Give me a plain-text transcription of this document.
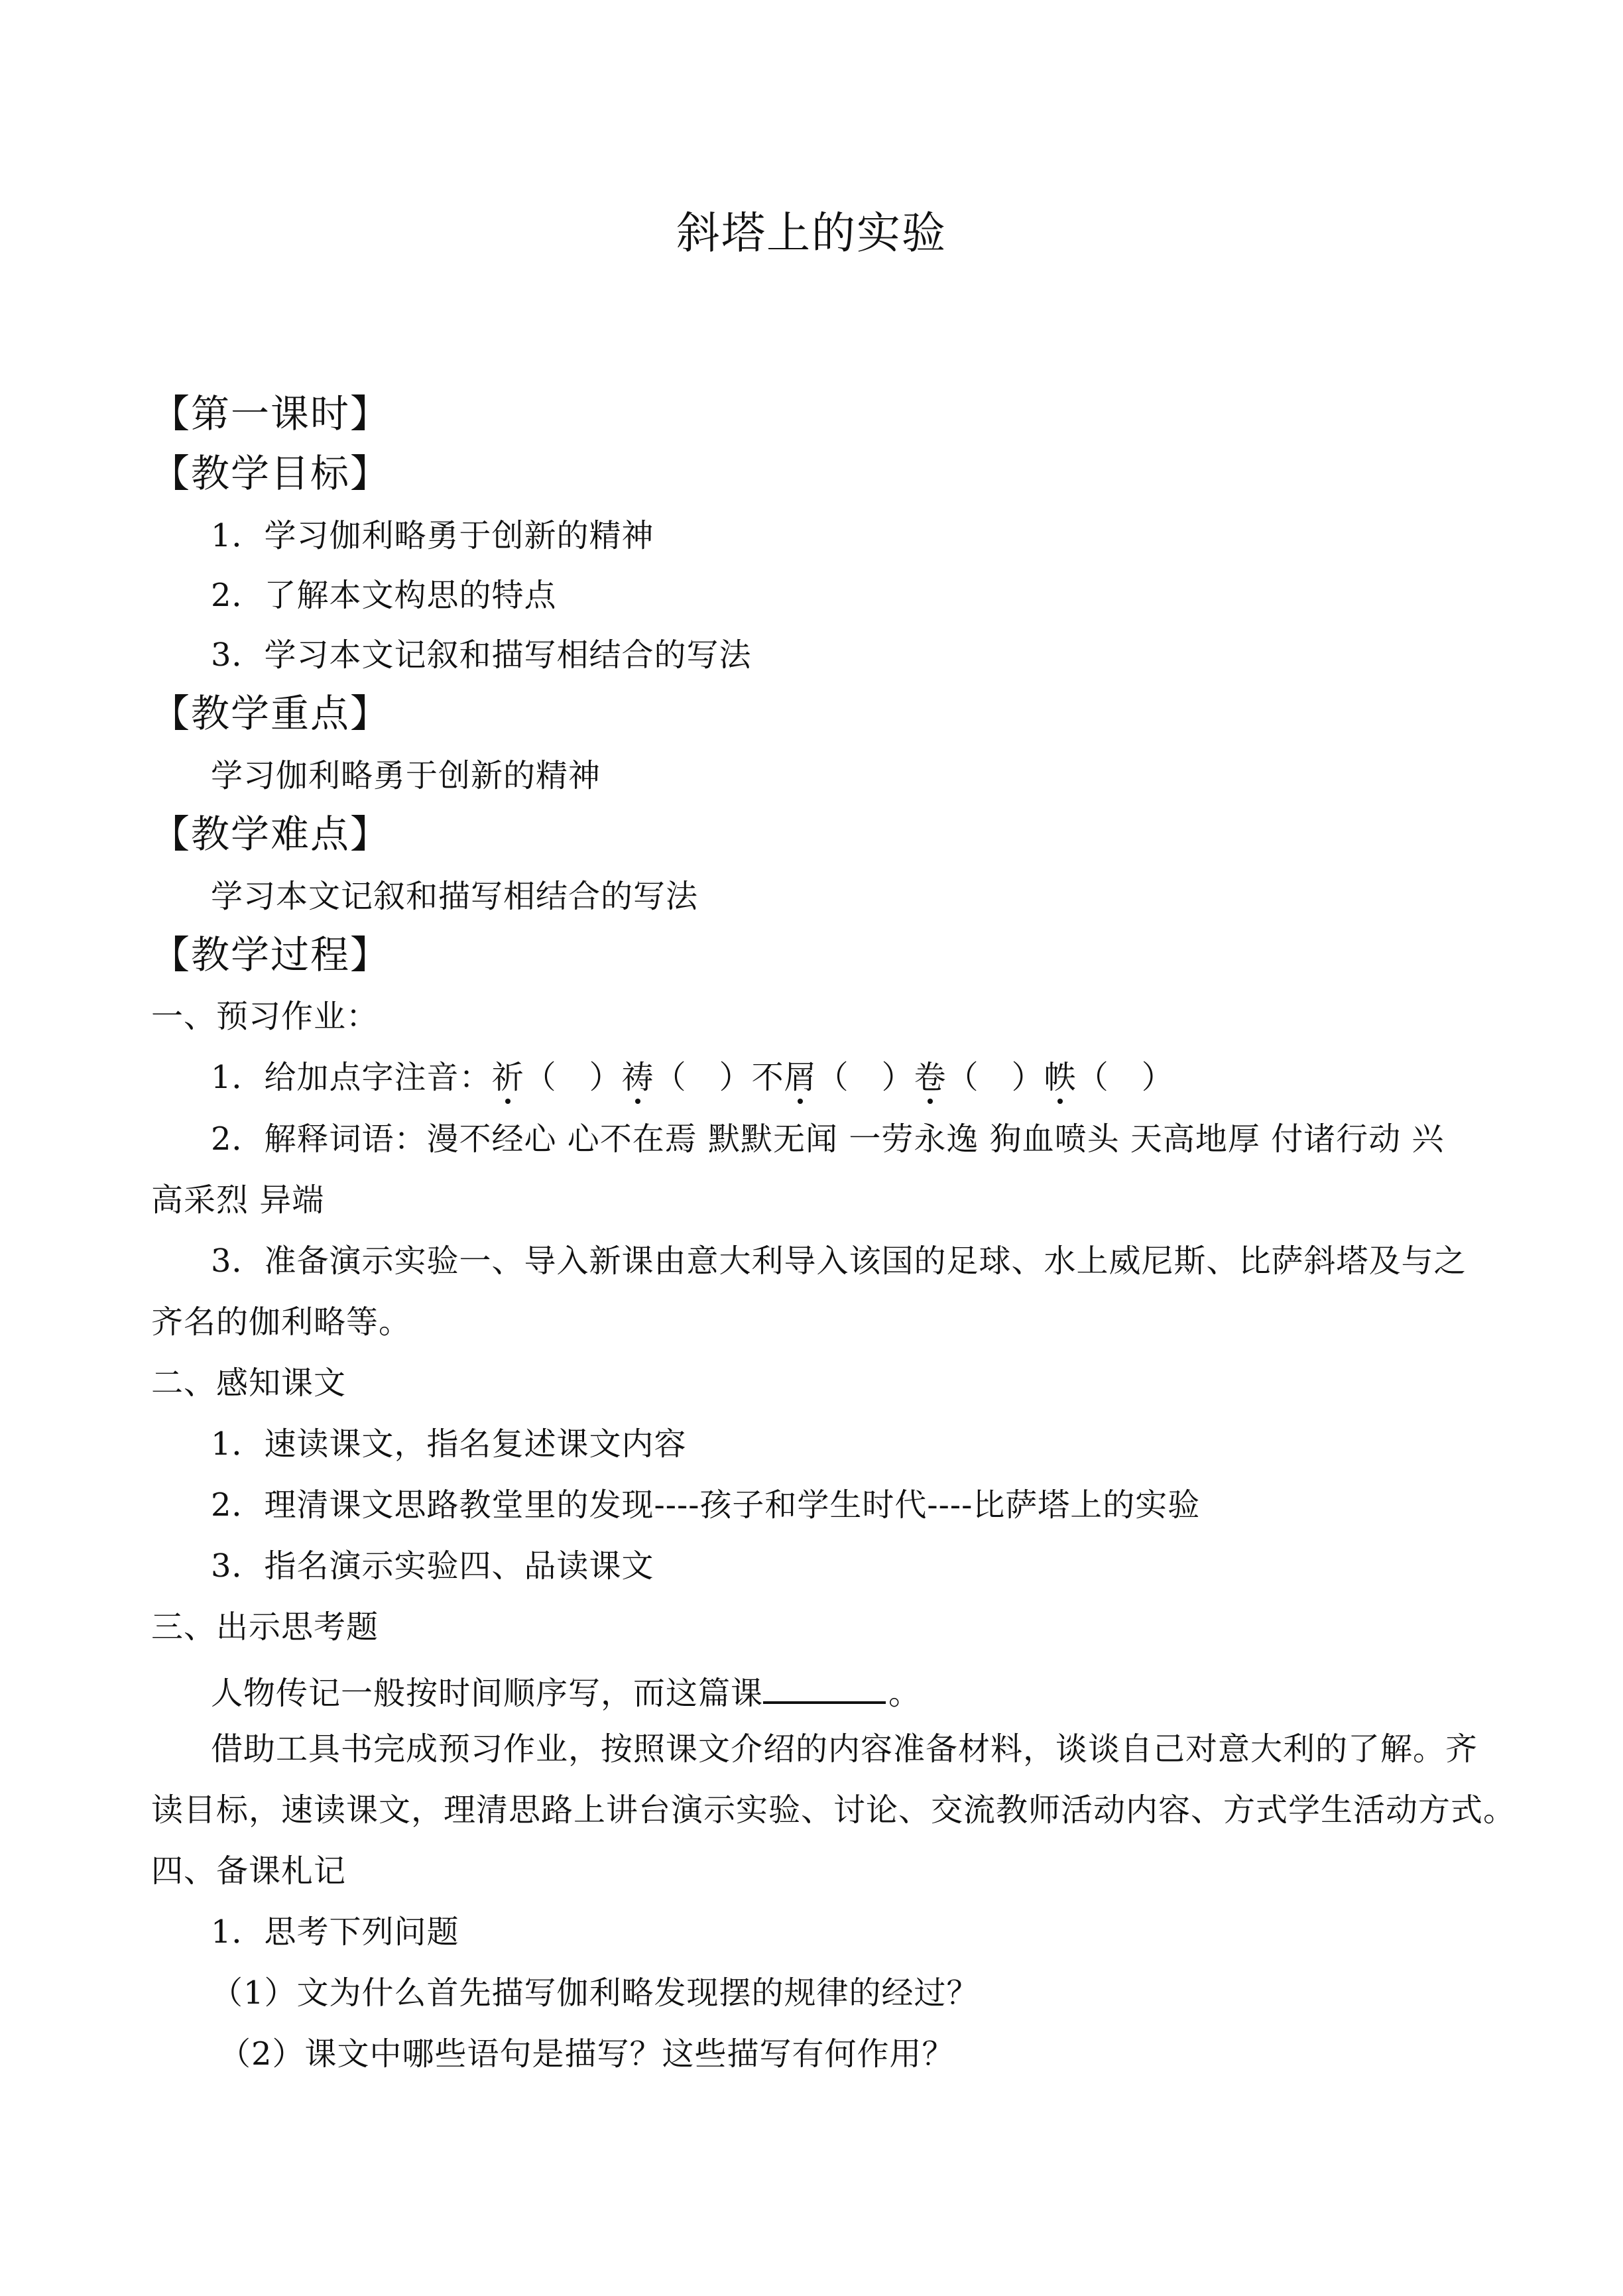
斜塔上的实验
【第一课时】
【教学目标】
1．学习伽利略勇于创新的精神
2．了解本文构思的特点
3．学习本文记叙和描写相结合的写法
【教学重点】
学习伽利略勇于创新的精神
【教学难点】
学习本文记叙和描写相结合的写法
【教学过程】
一、预习作业：
1．给加点字注音：祈（　）祷（　）不屑（　）卷（　）帙（　）
2．解释词语：漫不经心 心不在焉 默默无闻 一劳永逸 狗血喷头 天高地厚 付诸行动 兴
高采烈 异端
3．准备演示实验一、导入新课由意大利导入该国的足球、水上威尼斯、比萨斜塔及与之
齐名的伽利略等。
二、感知课文
1．速读课文，指名复述课文内容
2．理清课文思路教堂里的发现----孩子和学生时代----比萨塔上的实验
3．指名演示实验四、品读课文
三、出示思考题
人物传记一般按时间顺序写，而这篇课	。
借助工具书完成预习作业，按照课文介绍的内容准备材料，谈谈自己对意大利的了解。齐
读目标，速读课文，理清思路上讲台演示实验、讨论、交流教师活动内容、方式学生活动方式。
四、备课札记
1．思考下列问题
（1）文为什么首先描写伽利略发现摆的规律的经过？
（2）课文中哪些语句是描写？这些描写有何作用？
